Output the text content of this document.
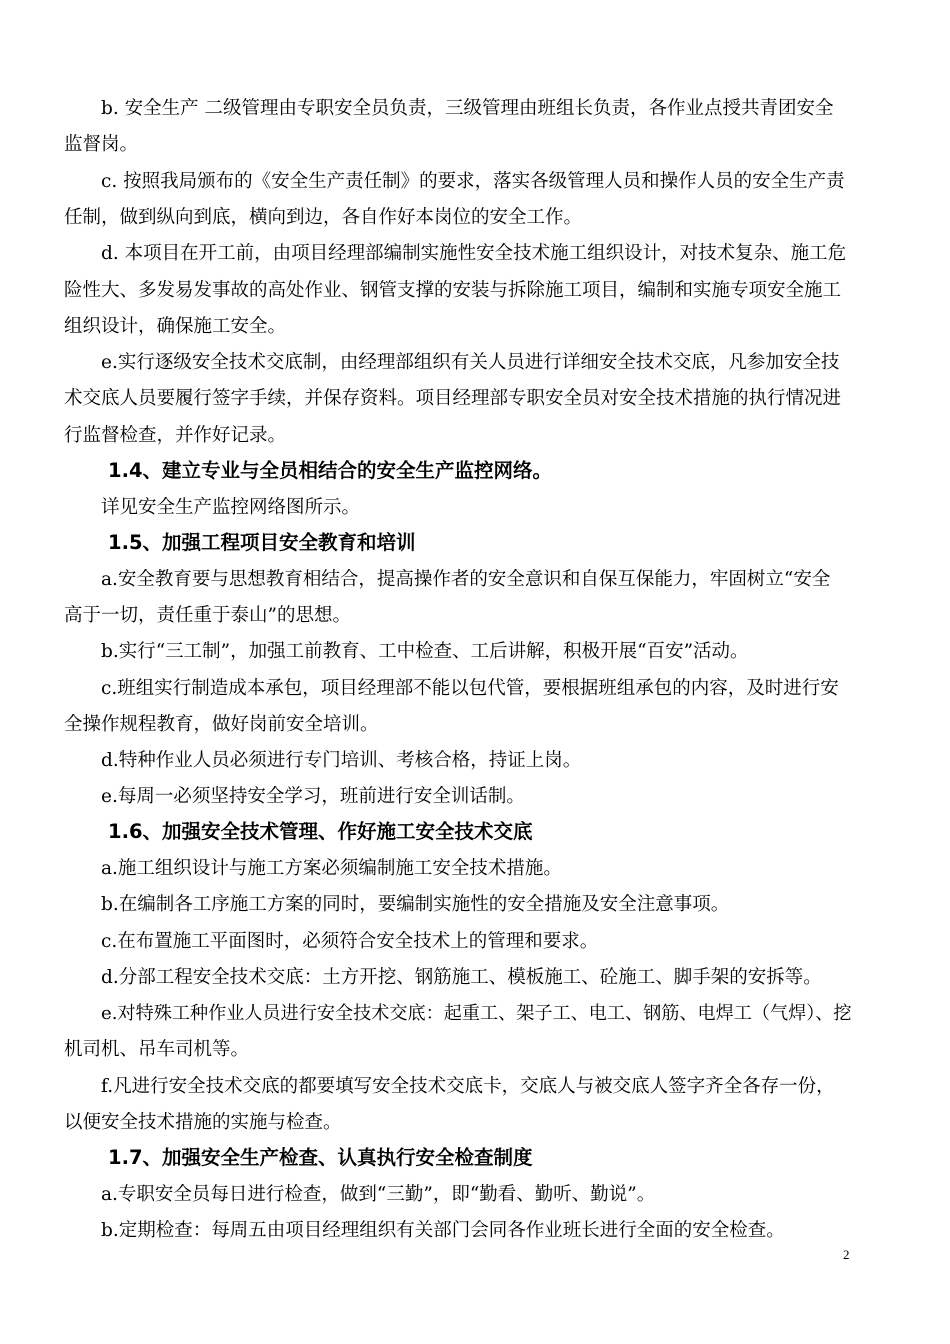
b. 安全生产 二级管理由专职安全员负责，三级管理由班组长负责，各作业点授共青团安全
监督岗。
c. 按照我局颁布的《安全生产责任制》的要求，落实各级管理人员和操作人员的安全生产责
任制，做到纵向到底，横向到边，各自作好本岗位的安全工作。
d. 本项目在开工前，由项目经理部编制实施性安全技术施工组织设计，对技术复杂、施工危
险性大、多发易发事故的高处作业、钢管支撑的安装与拆除施工项目，编制和实施专项安全施工
组织设计，确保施工安全。
e.实行逐级安全技术交底制，由经理部组织有关人员进行详细安全技术交底，凡参加安全技
术交底人员要履行签字手续，并保存资料。项目经理部专职安全员对安全技术措施的执行情况进
行监督检查，并作好记录。
1.4、建立专业与全员相结合的安全生产监控网络。
详见安全生产监控网络图所示。
1.5、加强工程项目安全教育和培训
a.安全教育要与思想教育相结合，提高操作者的安全意识和自保互保能力，牢固树立“安全
高于一切，责任重于泰山”的思想。
b.实行“三工制”，加强工前教育、工中检查、工后讲解，积极开展“百安”活动。
c.班组实行制造成本承包，项目经理部不能以包代管，要根据班组承包的内容，及时进行安
全操作规程教育，做好岗前安全培训。
d.特种作业人员必须进行专门培训、考核合格，持证上岗。
e.每周一必须坚持安全学习，班前进行安全训话制。
1.6、加强安全技术管理、作好施工安全技术交底
a.施工组织设计与施工方案必须编制施工安全技术措施。
b.在编制各工序施工方案的同时，要编制实施性的安全措施及安全注意事项。
c.在布置施工平面图时，必须符合安全技术上的管理和要求。
d.分部工程安全技术交底：土方开挖、钢筋施工、模板施工、砼施工、脚手架的安拆等。
e.对特殊工种作业人员进行安全技术交底：起重工、架子工、电工、钢筋、电焊工（气焊）、挖
机司机、吊车司机等。
f.凡进行安全技术交底的都要填写安全技术交底卡，交底人与被交底人签字齐全各存一份，
以便安全技术措施的实施与检查。
1.7、加强安全生产检查、认真执行安全检查制度
a.专职安全员每日进行检查，做到“三勤”，即“勤看、勤听、勤说”。
b.定期检查：每周五由项目经理组织有关部门会同各作业班长进行全面的安全检查。
2
